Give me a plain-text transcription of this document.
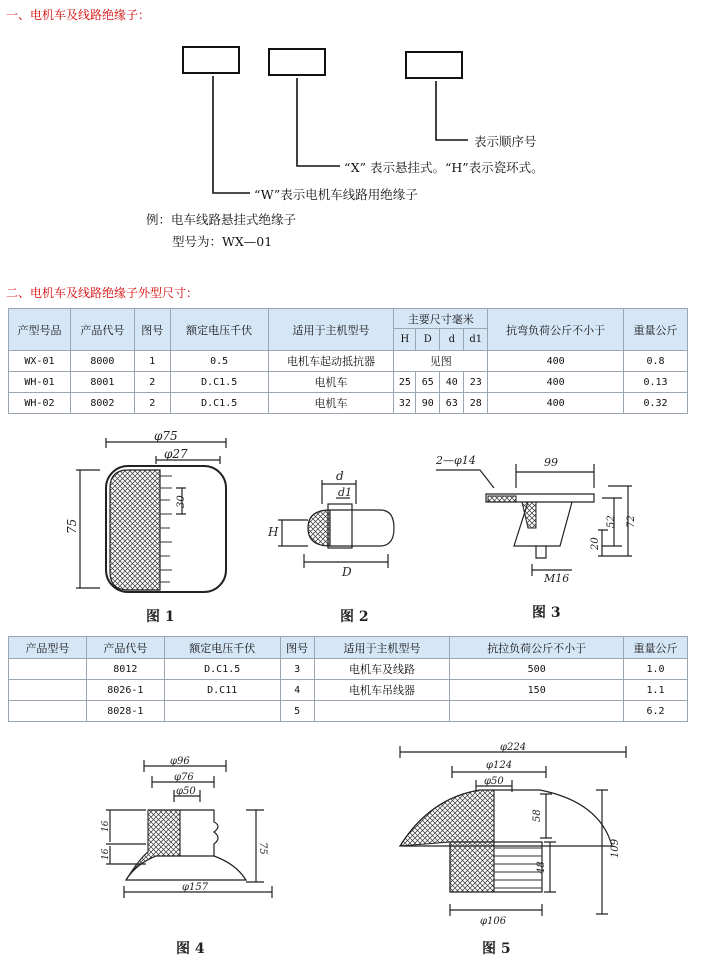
一、电机车及线路绝缘子：
表示顺序号
“X” 表示悬挂式。“H”表示瓷环式。
“W”表示电机车线路用绝缘子
例：电车线路悬挂式绝缘子
型号为：WX—01
二、电机车及线路绝缘子外型尺寸：
产型号品	产品代号	图号	额定电压千伏	适用于主机型号	主要尺寸毫米				抗弯负荷公斤不小于	重量公斤
					H	D	d	d1		
WX-01	8000	1	0.5	电机车起动抵抗器	见图				400	0.8
WH-01	8001	2	D.C1.5	电机车	25	65	40	23	400	0.13
WH-02	8002	2	D.C1.5	电机车	32	90	63	28	400	0.32
φ75
φ27
75
30
图 1
d
d1
H
D
图 2
2—φ14	99
52 72
20
M16
图 3
产品型号	产品代号	额定电压千伏	图号	适用于主机型号	抗拉负荷公斤不小于	重量公斤
	8012	D.C1.5	3	电机车及线路	500	1.0
	8026-1	D.C11	4	电机车吊线器	150	1.1
	8028-1		5			6.2
φ96
φ76
φ50
φ157
16
16	75
图 4
φ224
φ124
φ50
φ106
58
48
109
图 5
